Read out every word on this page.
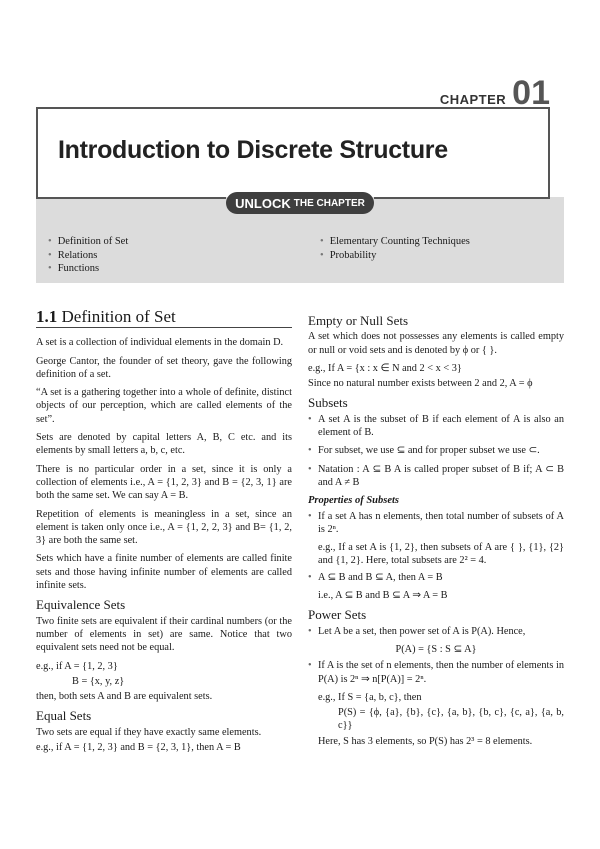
CHAPTER 01
Introduction to Discrete Structure
UNLOCK THE CHAPTER
• Definition of Set
• Relations
• Functions
• Elementary Counting Techniques
• Probability
1.1 Definition of Set

A set is a collection of individual elements in the domain D.

George Cantor, the founder of set theory, gave the following definition of a set.

“A set is a gathering together into a whole of definite, distinct objects of our perception, which are called elements of the set”.

Sets are denoted by capital letters A, B, C etc. and its elements by small letters a, b, c, etc.

There is no particular order in a set, since it is only a collection of elements i.e., A = {1, 2, 3} and B = {2, 3, 1} are both the same set. We can say A = B.

Repetition of elements is meaningless in a set, since an element is taken only once i.e., A = {1, 2, 2, 3} and B= {1, 2, 3} are both the same set.

Sets which have a finite number of elements are called finite sets and those having infinite number of elements are called infinite sets.

Equivalence Sets

Two finite sets are equivalent if their cardinal numbers (or the number of elements in set) are same. Notice that two equivalent sets need not be equal.

e.g., if A = {1, 2, 3}

B = {x, y, z}

then, both sets A and B are equivalent sets.

Equal Sets

Two sets are equal if they have exactly same elements.

e.g., if A = {1, 2, 3} and B = {2, 3, 1}, then A = B

Empty or Null Sets

A set which does not possesses any elements is called empty or null or void sets and is denoted by ϕ or { }.

e.g., If A = {x : x ∈ N and 2 < x < 3}

Since no natural number exists between 2 and 2, A = ϕ

Subsets
• A set A is the subset of B if each element of A is also an element of B.
• For subset, we use ⊆ and for proper subset we use ⊂.
• Natation : A ⊆ B A is called proper subset of B if; A ⊂ B and A ≠ B
Properties of Subsets
• If a set A has n elements, then total number of subsets of A is 2ⁿ.

e.g., If a set A is {1, 2}, then subsets of A are { }, {1}, {2} and {1, 2}. Here, total subsets are 2² = 4.

• A ⊆ B and B ⊆ A, then A = B

i.e., A ⊆ B and B ⊆ A ⇒ A = B

Power Sets
• Let A be a set, then power set of A is P(A). Hence,

P(A) = {S : S ⊆ A}

• If A is the set of n elements, then the number of elements in P(A) is 2ⁿ ⇒ n[P(A)] = 2ⁿ.

e.g., If S = {a, b, c}, then

P(S) = {ϕ, {a}, {b}, {c}, {a, b}, {b, c}, {c, a}, {a, b, c}}

Here, S has 3 elements, so P(S) has 2³ = 8 elements.
